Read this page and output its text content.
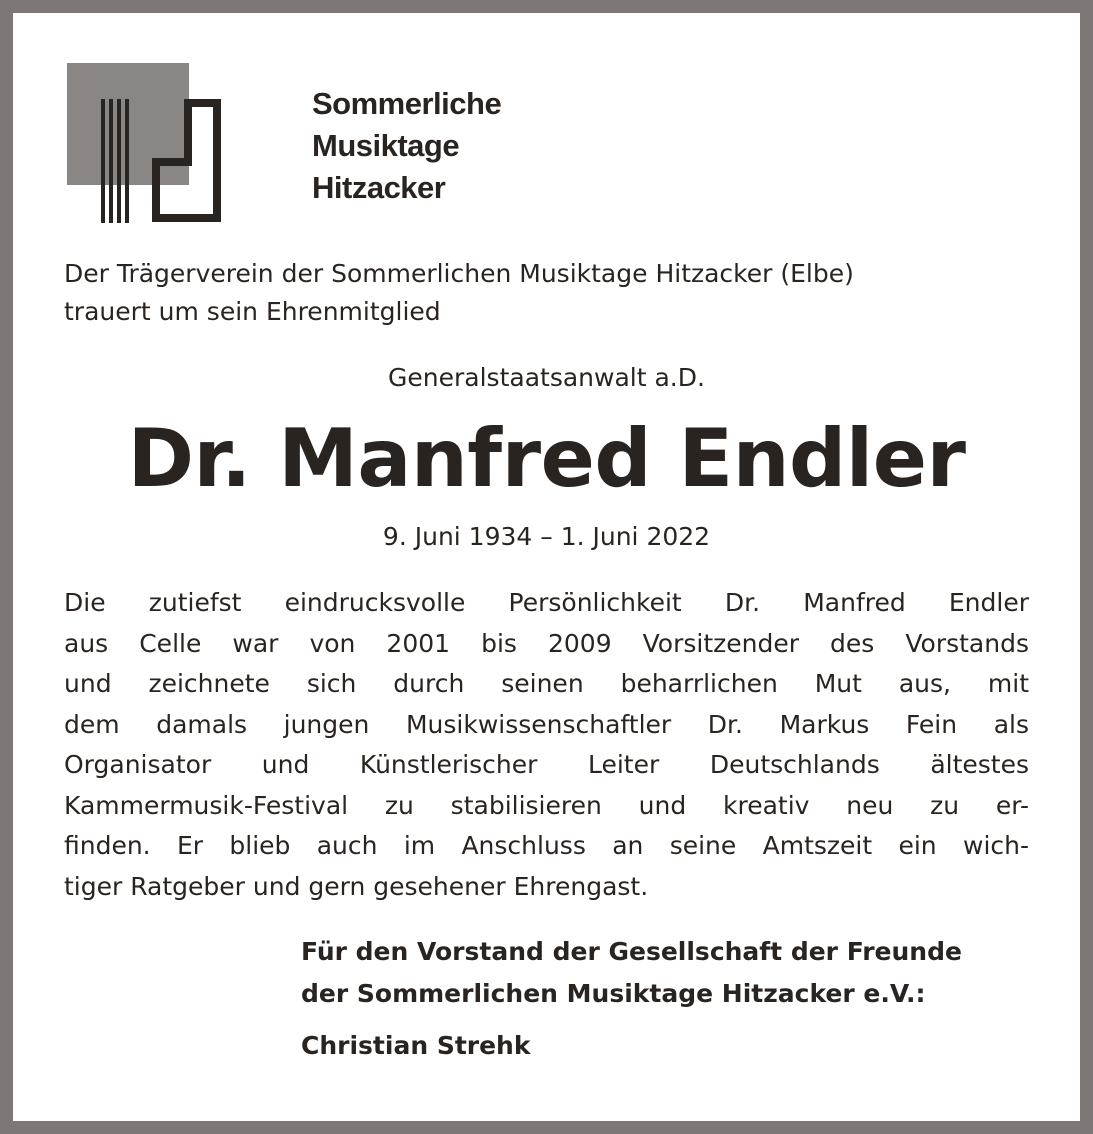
Sommerliche
Musiktage
Hitzacker
Der Trägerverein der Sommerlichen Musiktage Hitzacker (Elbe)
trauert um sein Ehrenmitglied
Generalstaatsanwalt a.D.
Dr. Manfred Endler
9. Juni 1934 – 1. Juni 2022
Die zutiefst eindrucksvolle Persönlichkeit Dr. Manfred Endler
aus Celle war von 2001 bis 2009 Vorsitzender des Vorstands
und zeichnete sich durch seinen beharrlichen Mut aus, mit
dem damals jungen Musikwissenschaftler Dr. Markus Fein als
Organisator und Künstlerischer Leiter Deutschlands ältestes
Kammermusik-Festival zu stabilisieren und kreativ neu zu er-
finden. Er blieb auch im Anschluss an seine Amtszeit ein wich-
tiger Ratgeber und gern gesehener Ehrengast.
Für den Vorstand der Gesellschaft der Freunde
der Sommerlichen Musiktage Hitzacker e.V.:
Christian Strehk
